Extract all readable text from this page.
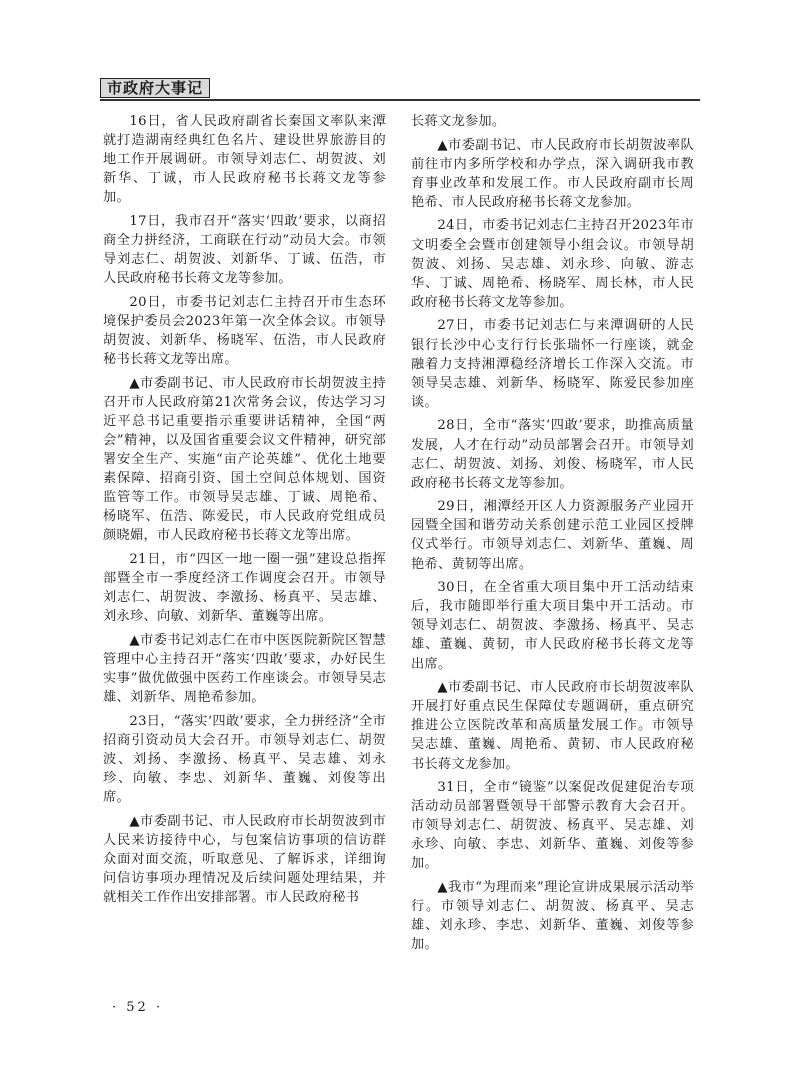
市政府大事记

16日，省人民政府副省长秦国文率队来潭就打造湖南经典红色名片、建设世界旅游目的地工作开展调研。市领导刘志仁、胡贺波、刘新华、丁诚，市人民政府秘书长蒋文龙等参加。

17日，我市召开“落实‘四敢’要求，以商招商全力拼经济，工商联在行动”动员大会。市领导刘志仁、胡贺波、刘新华、丁诚、伍浩，市人民政府秘书长蒋文龙等参加。

20日，市委书记刘志仁主持召开市生态环境保护委员会2023年第一次全体会议。市领导胡贺波、刘新华、杨晓军、伍浩，市人民政府秘书长蒋文龙等出席。

▲市委副书记、市人民政府市长胡贺波主持召开市人民政府第21次常务会议，传达学习习近平总书记重要指示重要讲话精神，全国“两会”精神，以及国省重要会议文件精神，研究部署安全生产、实施“亩产论英雄”、优化土地要素保障、招商引资、国土空间总体规划、国资监管等工作。市领导吴志雄、丁诚、周艳希、杨晓军、伍浩、陈爱民，市人民政府党组成员颜晓媚，市人民政府秘书长蒋文龙等出席。

21日，市“四区一地一圈一强”建设总指挥部暨全市一季度经济工作调度会召开。市领导刘志仁、胡贺波、李激扬、杨真平、吴志雄、刘永珍、向敏、刘新华、董巍等出席。

▲市委书记刘志仁在市中医医院新院区智慧管理中心主持召开“落实‘四敢’要求，办好民生实事”做优做强中医药工作座谈会。市领导吴志雄、刘新华、周艳希参加。

23日，“落实‘四敢’要求，全力拼经济”全市招商引资动员大会召开。市领导刘志仁、胡贺波、刘扬、李激扬、杨真平、吴志雄、刘永珍、向敏、李忠、刘新华、董巍、刘俊等出席。

▲市委副书记、市人民政府市长胡贺波到市人民来访接待中心，与包案信访事项的信访群众面对面交流，听取意见、了解诉求，详细询问信访事项办理情况及后续问题处理结果，并就相关工作作出安排部署。市人民政府秘书

长蒋文龙参加。

▲市委副书记、市人民政府市长胡贺波率队前往市内多所学校和办学点，深入调研我市教育事业改革和发展工作。市人民政府副市长周艳希、市人民政府秘书长蒋文龙参加。

24日，市委书记刘志仁主持召开2023年市文明委全会暨市创建领导小组会议。市领导胡贺波、刘扬、吴志雄、刘永珍、向敏、游志华、丁诚、周艳希、杨晓军、周长林，市人民政府秘书长蒋文龙等参加。

27日，市委书记刘志仁与来潭调研的人民银行长沙中心支行行长张瑞怀一行座谈，就金融着力支持湘潭稳经济增长工作深入交流。市领导吴志雄、刘新华、杨晓军、陈爱民参加座谈。

28日，全市“落实‘四敢’要求，助推高质量发展，人才在行动”动员部署会召开。市领导刘志仁、胡贺波、刘扬、刘俊、杨晓军，市人民政府秘书长蒋文龙等参加。

29日，湘潭经开区人力资源服务产业园开园暨全国和谐劳动关系创建示范工业园区授牌仪式举行。市领导刘志仁、刘新华、董巍、周艳希、黄韧等出席。

30日，在全省重大项目集中开工活动结束后，我市随即举行重大项目集中开工活动。市领导刘志仁、胡贺波、李激扬、杨真平、吴志雄、董巍、黄韧，市人民政府秘书长蒋文龙等出席。

▲市委副书记、市人民政府市长胡贺波率队开展打好重点民生保障仗专题调研，重点研究推进公立医院改革和高质量发展工作。市领导吴志雄、董巍、周艳希、黄韧、市人民政府秘书长蒋文龙参加。

31日，全市“镜鉴”以案促改促建促治专项活动动员部署暨领导干部警示教育大会召开。市领导刘志仁、胡贺波、杨真平、吴志雄、刘永珍、向敏、李忠、刘新华、董巍、刘俊等参加。

▲我市“为理而来”理论宣讲成果展示活动举行。市领导刘志仁、胡贺波、杨真平、吴志雄、刘永珍、李忠、刘新华、董巍、刘俊等参加。

· 52 ·
